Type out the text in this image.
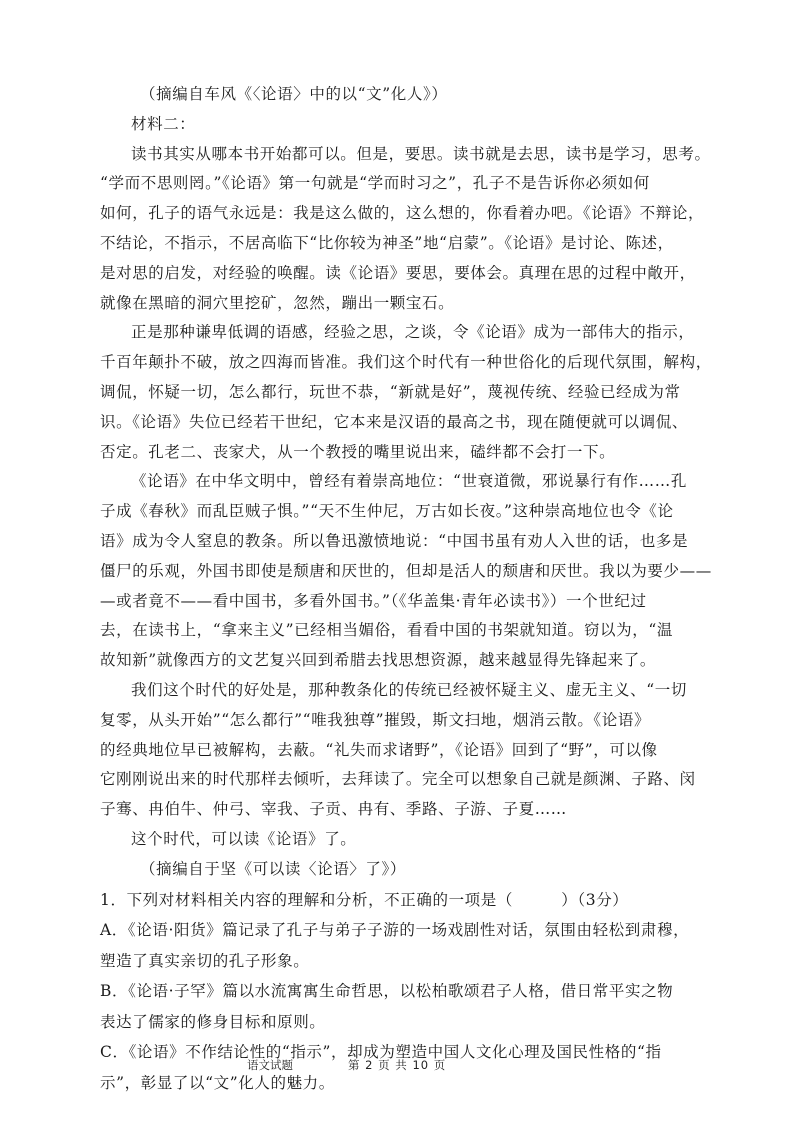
（摘编自车风《〈论语〉中的以“文”化人》）
材料二：
读书其实从哪本书开始都可以。但是，要思。读书就是去思，读书是学习，思考。
“学而不思则罔。”《论语》第一句就是“学而时习之”，孔子不是告诉你必须如何
如何，孔子的语气永远是：我是这么做的，这么想的，你看着办吧。《论语》不辩论，
不结论，不指示，不居高临下“比你较为神圣”地“启蒙”。《论语》是讨论、陈述，
是对思的启发，对经验的唤醒。读《论语》要思，要体会。真理在思的过程中敞开，
就像在黑暗的洞穴里挖矿，忽然，蹦出一颗宝石。
正是那种谦卑低调的语感，经验之思，之谈，令《论语》成为一部伟大的指示，
千百年颠扑不破，放之四海而皆准。我们这个时代有一种世俗化的后现代氛围，解构，
调侃，怀疑一切，怎么都行，玩世不恭，“新就是好”，蔑视传统、经验已经成为常
识。《论语》失位已经若干世纪，它本来是汉语的最高之书，现在随便就可以调侃、
否定。孔老二、丧家犬，从一个教授的嘴里说出来，磕绊都不会打一下。
《论语》在中华文明中，曾经有着崇高地位：“世衰道微，邪说暴行有作……孔
子成《春秋》而乱臣贼子惧。”“天不生仲尼，万古如长夜。”这种崇高地位也令《论
语》成为令人窒息的教条。所以鲁迅激愤地说：“中国书虽有劝人入世的话，也多是
僵尸的乐观，外国书即使是颓唐和厌世的，但却是活人的颓唐和厌世。我以为要少——
—或者竟不——看中国书，多看外国书。”（《华盖集·青年必读书》）一个世纪过
去，在读书上，“拿来主义”已经相当媚俗，看看中国的书架就知道。窃以为，“温
故知新”就像西方的文艺复兴回到希腊去找思想资源，越来越显得先锋起来了。
我们这个时代的好处是，那种教条化的传统已经被怀疑主义、虚无主义、“一切
复零，从头开始”“怎么都行”“唯我独尊”摧毁，斯文扫地，烟消云散。《论语》
的经典地位早已被解构，去蔽。“礼失而求诸野”，《论语》回到了“野”，可以像
它刚刚说出来的时代那样去倾听，去拜读了。完全可以想象自己就是颜渊、子路、闵
子骞、冉伯牛、仲弓、宰我、子贡、冉有、季路、子游、子夏……
这个时代，可以读《论语》了。
（摘编自于坚《可以读〈论语〉了》）
1．下列对材料相关内容的理解和分析，不正确的一项是（　　　	）（3分）
A．《论语·阳货》篇记录了孔子与弟子子游的一场戏剧性对话，氛围由轻松到肃穆，
塑造了真实亲切的孔子形象。
B．《论语·子罕》篇以水流寓寓生命哲思，以松柏歌颂君子人格，借日常平实之物
表达了儒家的修身目标和原则。
C．《论语》不作结论性的“指示”，却成为塑造中国人文化心理及国民性格的“指
示”，彰显了以“文”化人的魅力。
语文试题	第 2 页 共 10 页
